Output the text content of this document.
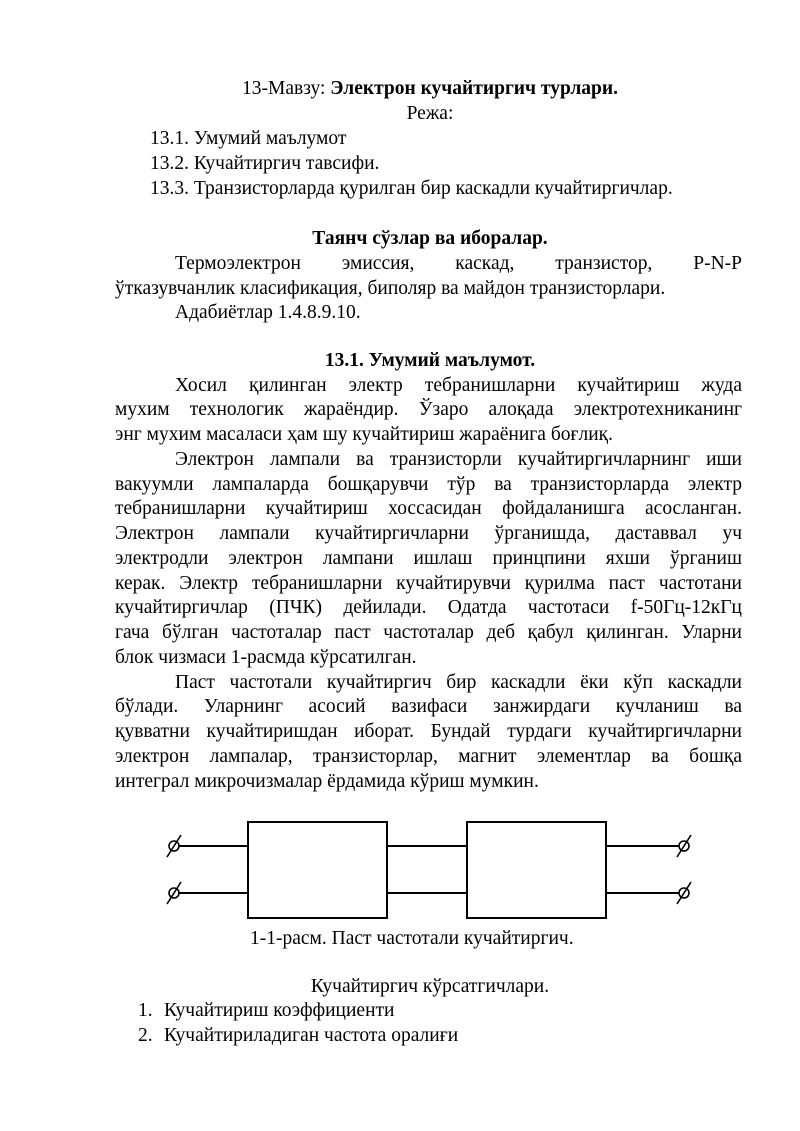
13-Мавзу: Электрон кучайтиргич турлари.
Режа:
13.1. Умумий маълумот
13.2. Кучайтиргич тавсифи.
13.3. Транзисторларда қурилган бир каскадли кучайтиргичлар.
Таянч сўзлар ва иборалар.
Термоэлектрон эмиссия, каскад, транзистор, P-N-P
ўтказувчанлик класификация, биполяр ва майдон транзисторлари.
Адабиётлар 1.4.8.9.10.
13.1. Умумий маълумот.
Хосил қилинган электр тебранишларни кучайтириш жуда
мухим технологик жараёндир. Ўзаро алоқада электротехниканинг
энг мухим масаласи ҳам шу кучайтириш жараёнига боғлиқ.
Электрон лампали ва транзисторли кучайтиргичларнинг иши
вакуумли лампаларда бошқарувчи тўр ва транзисторларда электр
тебранишларни кучайтириш хоссасидан фойдаланишга асосланган.
Электрон лампали кучайтиргичларни ўрганишда, даставвал уч
электродли электрон лампани ишлаш принцпини яхши ўрганиш
керак. Электр тебранишларни кучайтирувчи қурилма паст частотани
кучайтиргичлар (ПЧК) дейилади. Одатда частотаси f-50Гц-12кГц
гача бўлган частоталар паст частоталар деб қабул қилинган. Уларни
блок чизмаси 1-расмда кўрсатилган.
Паст частотали кучайтиргич бир каскадли ёки кўп каскадли
бўлади. Уларнинг асосий вазифаси занжирдаги кучланиш ва
қувватни кучайтиришдан иборат. Бундай турдаги кучайтиргичларни
электрон лампалар, транзисторлар, магнит элементлар ва бошқа
интеграл микрочизмалар ёрдамида кўриш мумкин.
1-1-расм. Паст частотали кучайтиргич.
Кучайтиргич кўрсатгичлари.
1. Кучайтириш коэффициенти
2. Кучайтириладиган частота оралиғи
